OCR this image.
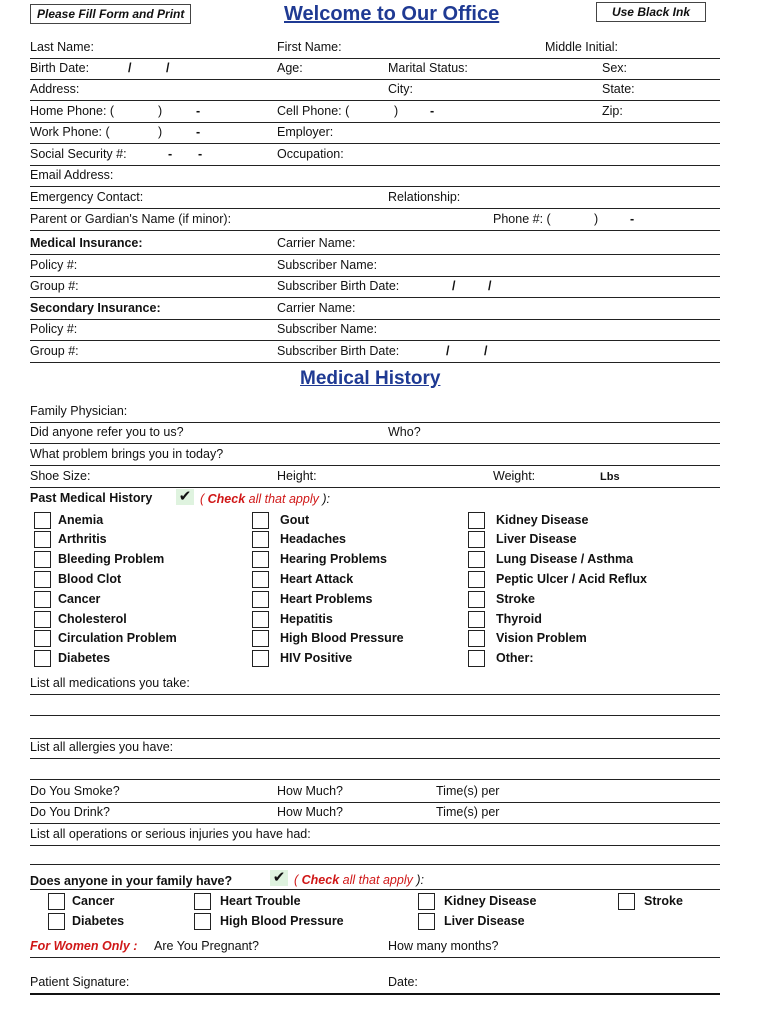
Please Fill Form and Print	Welcome to Our Office	Use Black Ink
Last Name:	First Name:	Middle Initial:
Birth Date:	/	/	Age:	Marital Status:	Sex:
Address:	City:	State:
Home Phone: (	)	-	Cell Phone: (	)	-	Zip:
Work Phone: (	)	-	Employer:
Social Security #:	- -	Occupation:
Email Address:
Emergency Contact:	Relationship:
Parent or Gardian's Name (if minor):	Phone #: (	)	-
Medical Insurance:	Carrier Name:
Policy #:	Subscriber Name:
Group #:	Subscriber Birth Date:	/	/
Secondary Insurance:	Carrier Name:
Policy #:	Subscriber Name:
Group #:	Subscriber Birth Date:	/	/
Medical History
Family Physician:
Did anyone refer you to us?	Who?
What problem brings you in today?
Shoe Size:	Height:	Weight:	Lbs
Past Medical History ✔ ( Check all that apply ):
Anemia
Arthritis
Bleeding Problem
Blood Clot
Cancer
Cholesterol
Circulation Problem
Diabetes
Gout
Headaches
Hearing Problems
Heart Attack
Heart Problems
Hepatitis
High Blood Pressure
HIV Positive
Kidney Disease
Liver Disease
Lung Disease / Asthma
Peptic Ulcer / Acid Reflux
Stroke
Thyroid
Vision Problem
Other:
List all medications you take:
List all allergies you have:
Do You Smoke?	How Much?	Time(s) per
Do You Drink?	How Much?	Time(s) per
List all operations or serious injuries you have had:
Does anyone in your family have?	✔ ( Check all that apply ):
Cancer
Diabetes
Heart Trouble
High Blood Pressure
Kidney Disease
Liver Disease
Stroke
For Women Only : Are You Pregnant?	How many months?
Patient Signature:	Date:
